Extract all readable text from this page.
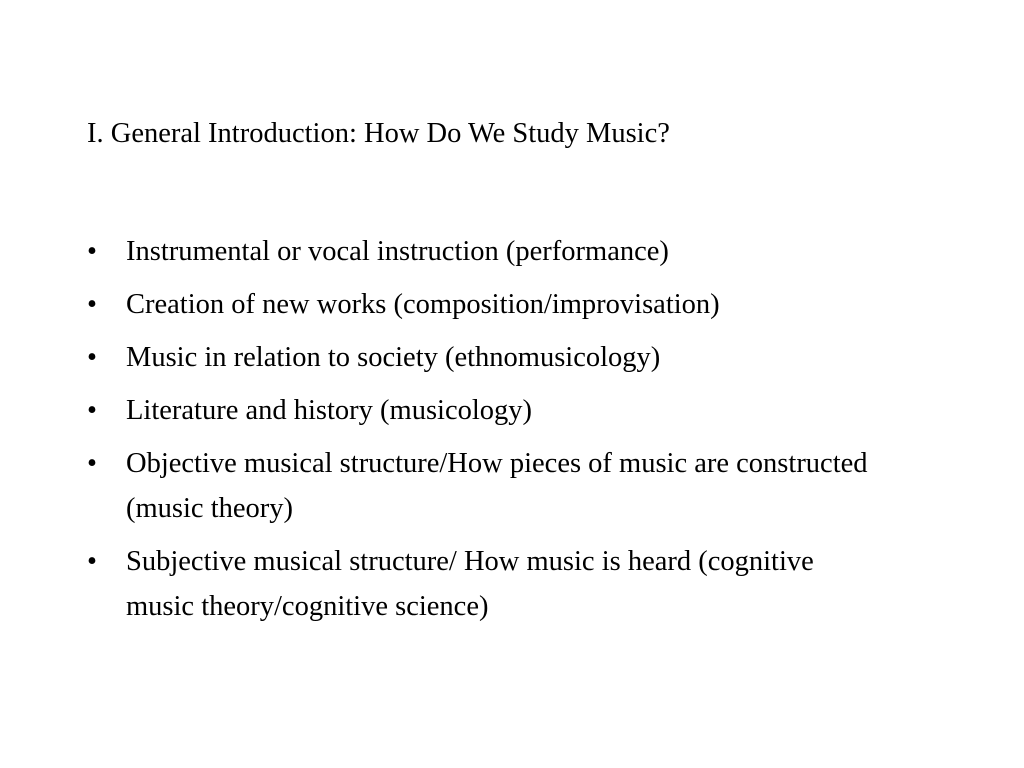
I. General Introduction: How Do We Study Music?
• Instrumental or vocal instruction (performance)
• Creation of new works (composition/improvisation)
• Music in relation to society (ethnomusicology)
• Literature and history (musicology)
• Objective musical structure/How pieces of music are constructed (music theory)
• Subjective musical structure/ How music is heard (cognitive music theory/cognitive science)
